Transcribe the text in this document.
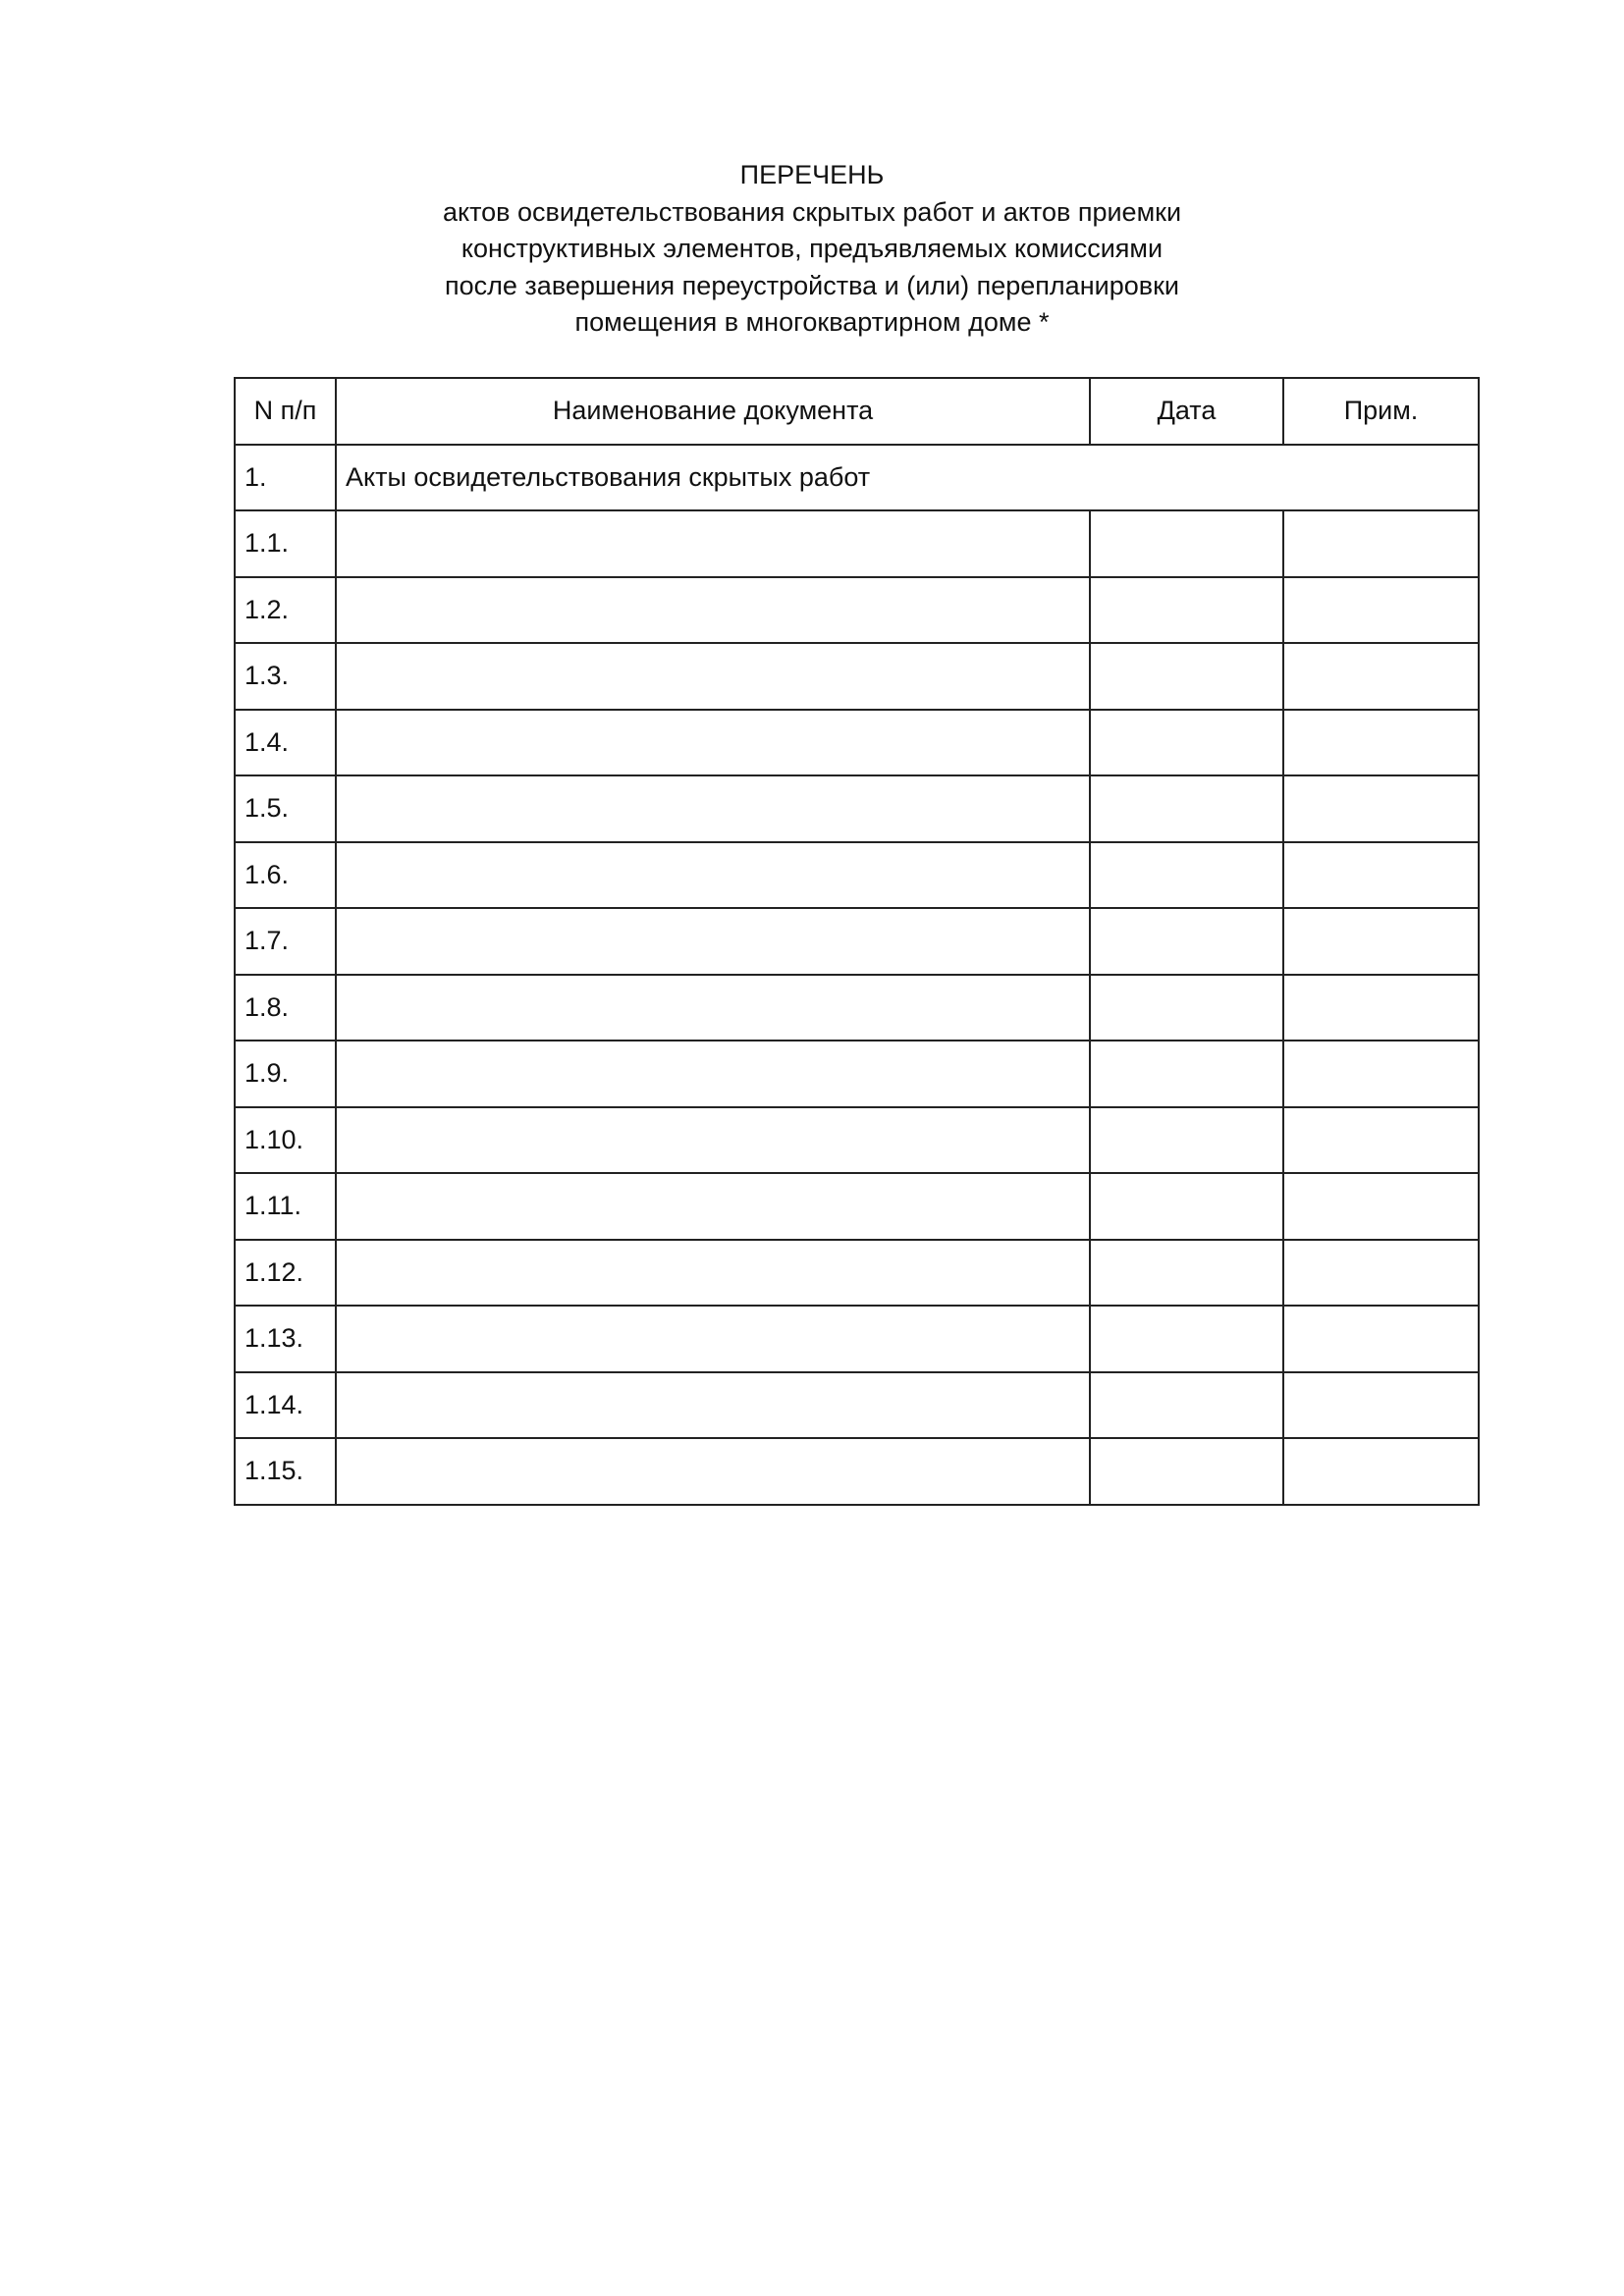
ПЕРЕЧЕНЬ
актов освидетельствования скрытых работ и актов приемки
конструктивных элементов, предъявляемых комиссиями
после завершения переустройства и (или) перепланировки
помещения в многоквартирном доме *
N п/п	Наименование документа	Дата	Прим.
1.	Акты освидетельствования скрытых работ		
1.1.			
1.2.			
1.3.			
1.4.			
1.5.			
1.6.			
1.7.			
1.8.			
1.9.			
1.10.			
1.11.			
1.12.			
1.13.			
1.14.			
1.15.			
